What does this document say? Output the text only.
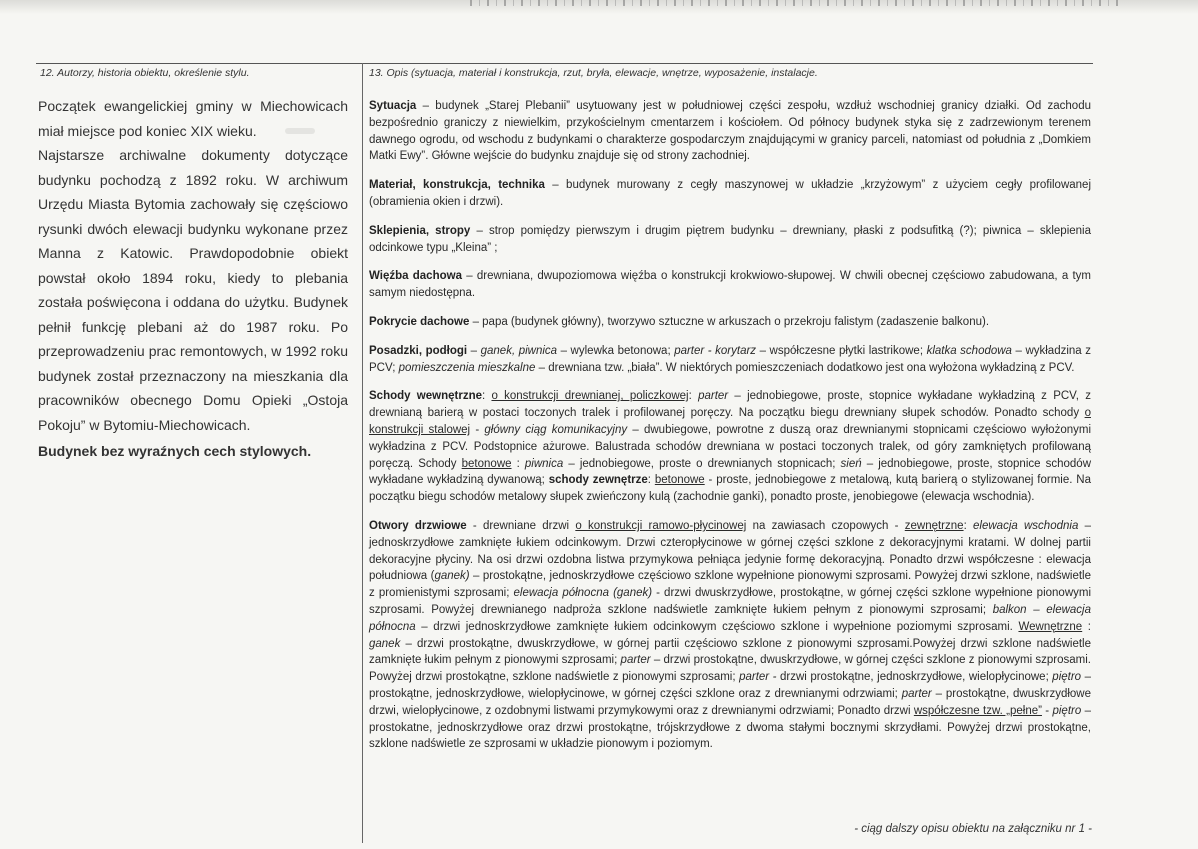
12. Autorzy, historia obiektu, określenie stylu.	13. Opis (sytuacja, materiał i konstrukcja, rzut, bryła, elewacje, wnętrze, wyposażenie, instalacje.

Początek ewangelickiej gminy w Miechowicach miał miejsce pod koniec XIX wieku.

Najstarsze archiwalne dokumenty dotyczące budynku pochodzą z 1892 roku. W archiwum Urzędu Miasta Bytomia zachowały się częściowo rysunki dwóch elewacji budynku wykonane przez Manna z Katowic. Prawdopodobnie obiekt powstał około 1894 roku, kiedy to plebania została poświęcona i oddana do użytku. Budynek pełnił funkcję plebani aż do 1987 roku. Po przeprowadzeniu prac remontowych, w 1992 roku budynek został przeznaczony na mieszkania dla pracowników obecnego Domu Opieki „Ostoja Pokoju” w Bytomiu-Miechowicach.

Budynek bez wyraźnych cech stylowych.

Sytuacja – budynek „Starej Plebanii” usytuowany jest w południowej części zespołu, wzdłuż wschodniej granicy działki. Od zachodu bezpośrednio graniczy z niewielkim, przykościelnym cmentarzem i kościołem. Od północy budynek styka się z zadrzewionym terenem dawnego ogrodu, od wschodu z budynkami o charakterze gospodarczym znajdującymi w granicy parceli, natomiast od południa z „Domkiem Matki Ewy”. Główne wejście do budynku znajduje się od strony zachodniej.

Materiał, konstrukcja, technika – budynek murowany z cegły maszynowej w układzie „krzyżowym” z użyciem cegły profilowanej (obramienia okien i drzwi).

Sklepienia, stropy – strop pomiędzy pierwszym i drugim piętrem budynku – drewniany, płaski z podsufitką (?); piwnica – sklepienia odcinkowe typu „Kleina” ;

Więźba dachowa – drewniana, dwupoziomowa więźba o konstrukcji krokwiowo-słupowej. W chwili obecnej częściowo zabudowana, a tym samym niedostępna.

Pokrycie dachowe – papa (budynek główny), tworzywo sztuczne w arkuszach o przekroju falistym (zadaszenie balkonu).

Posadzki, podłogi – ganek, piwnica – wylewka betonowa; parter - korytarz – współczesne płytki lastrikowe; klatka schodowa – wykładzina z PCV; pomieszczenia mieszkalne – drewniana tzw. „biała”. W niektórych pomieszczeniach dodatkowo jest ona wyłożona wykładziną z PCV.

Schody wewnętrzne: o konstrukcji drewnianej, policzkowej: parter – jednobiegowe, proste, stopnice wykładane wykładziną z PCV, z drewnianą barierą w postaci toczonych tralek i profilowanej poręczy. Na początku biegu drewniany słupek schodów. Ponadto schody o konstrukcji stalowej - główny ciąg komunikacyjny – dwubiegowe, powrotne z duszą oraz drewnianymi stopnicami częściowo wyłożonymi wykładzina z PCV. Podstopnice ażurowe. Balustrada schodów drewniana w postaci toczonych tralek, od góry zamkniętych profilowaną poręczą. Schody betonowe : piwnica – jednobiegowe, proste o drewnianych stopnicach; sień – jednobiegowe, proste, stopnice schodów wykładane wykładziną dywanową; schody zewnętrze: betonowe - proste, jednobiegowe z metalową, kutą barierą o stylizowanej formie. Na początku biegu schodów metalowy słupek zwieńczony kulą (zachodnie ganki), ponadto proste, jenobiegowe (elewacja wschodnia).

Otwory drzwiowe - drewniane drzwi o konstrukcji ramowo-płycinowej na zawiasach czopowych - zewnętrzne: elewacja wschodnia – jednoskrzydłowe zamknięte łukiem odcinkowym. Drzwi czteropłycinowe w górnej części szklone z dekoracyjnymi kratami. W dolnej partii dekoracyjne płyciny. Na osi drzwi ozdobna listwa przymykowa pełniąca jedynie formę dekoracyjną. Ponadto drzwi współczesne : elewacja południowa (ganek) – prostokątne, jednoskrzydłowe częściowo szklone wypełnione pionowymi szprosami. Powyżej drzwi szklone, nadświetle z promienistymi szprosami; elewacja północna (ganek) - drzwi dwuskrzydłowe, prostokątne, w górnej części szklone wypełnione pionowymi szprosami. Powyżej drewnianego nadproża szklone nadświetle zamknięte łukiem pełnym z pionowymi szprosami; balkon – elewacja północna – drzwi jednoskrzydłowe zamknięte łukiem odcinkowym częściowo szklone i wypełnione poziomymi szprosami. Wewnętrzne : ganek – drzwi prostokątne, dwuskrzydłowe, w górnej partii częściowo szklone z pionowymi szprosami.Powyżej drzwi szklone nadświetle zamknięte łukim pełnym z pionowymi szprosami; parter – drzwi prostokątne, dwuskrzydłowe, w górnej części szklone z pionowymi szprosami. Powyżej drzwi prostokątne, szklone nadświetle z pionowymi szprosami; parter - drzwi prostokątne, jednoskrzydłowe, wielopłycinowe; piętro – prostokątne, jednoskrzydłowe, wielopłycinowe, w górnej części szklone oraz z drewnianymi odrzwiami; parter – prostokątne, dwuskrzydłowe drzwi, wielopłycinowe, z ozdobnymi listwami przymykowymi oraz z drewnianymi odrzwiami; Ponadto drzwi współczesne tzw. „pełne” - piętro – prostokatne, jednoskrzydłowe oraz drzwi prostokątne, trójskrzydłowe z dwoma stałymi bocznymi skrzydłami. Powyżej drzwi prostokątne, szklone nadświetle ze szprosami w układzie pionowym i poziomym.

- ciąg dalszy opisu obiektu na załączniku nr 1 -
